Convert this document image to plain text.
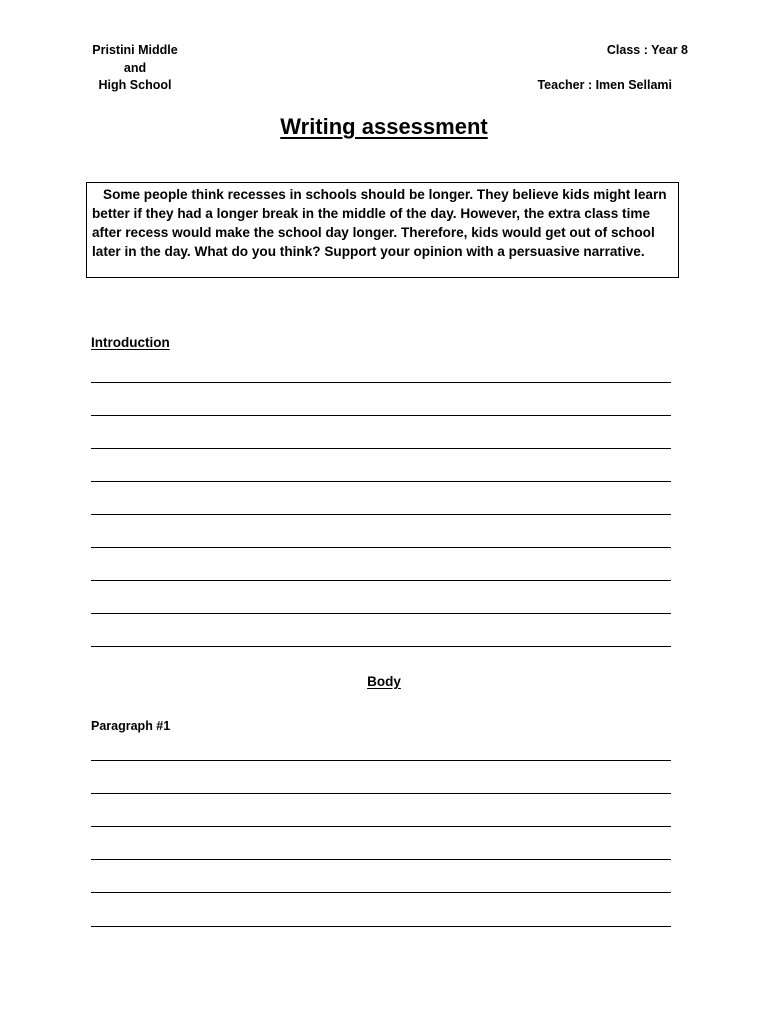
Pristini Middle
and
High School
Class : Year 8
Teacher : Imen Sellami
Writing assessment
Some people think recesses in schools should be longer. They believe kids might learn better if they had a longer break in the middle of the day. However, the extra class time after recess would make the school day longer. Therefore, kids would get out of school later in the day. What do you think? Support your opinion with a persuasive narrative.
Introduction
Body
Paragraph #1
